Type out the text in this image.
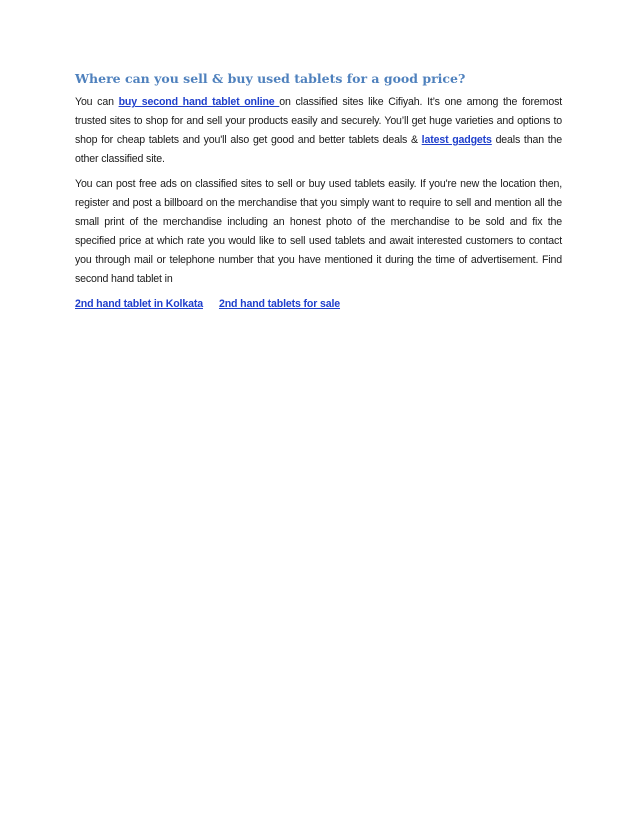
Where can you sell & buy used tablets for a good price?

You can buy second hand tablet online on classified sites like Cifiyah. It’s one among the foremost trusted sites to shop for and sell your products easily and securely. You’ll get huge varieties and options to shop for cheap tablets and you'll also get good and better tablets deals & latest gadgets deals than the other classified site.

You can post free ads on classified sites to sell or buy used tablets easily. If you're new the location then, register and post a billboard on the merchandise that you simply want to require to sell and mention all the small print of the merchandise including an honest photo of the merchandise to be sold and fix the specified price at which rate you would like to sell used tablets and await interested customers to contact you through mail or telephone number that you have mentioned it during the time of advertisement. Find second hand tablet in

2nd hand tablet in Kolkata 2nd hand tablets for sale
